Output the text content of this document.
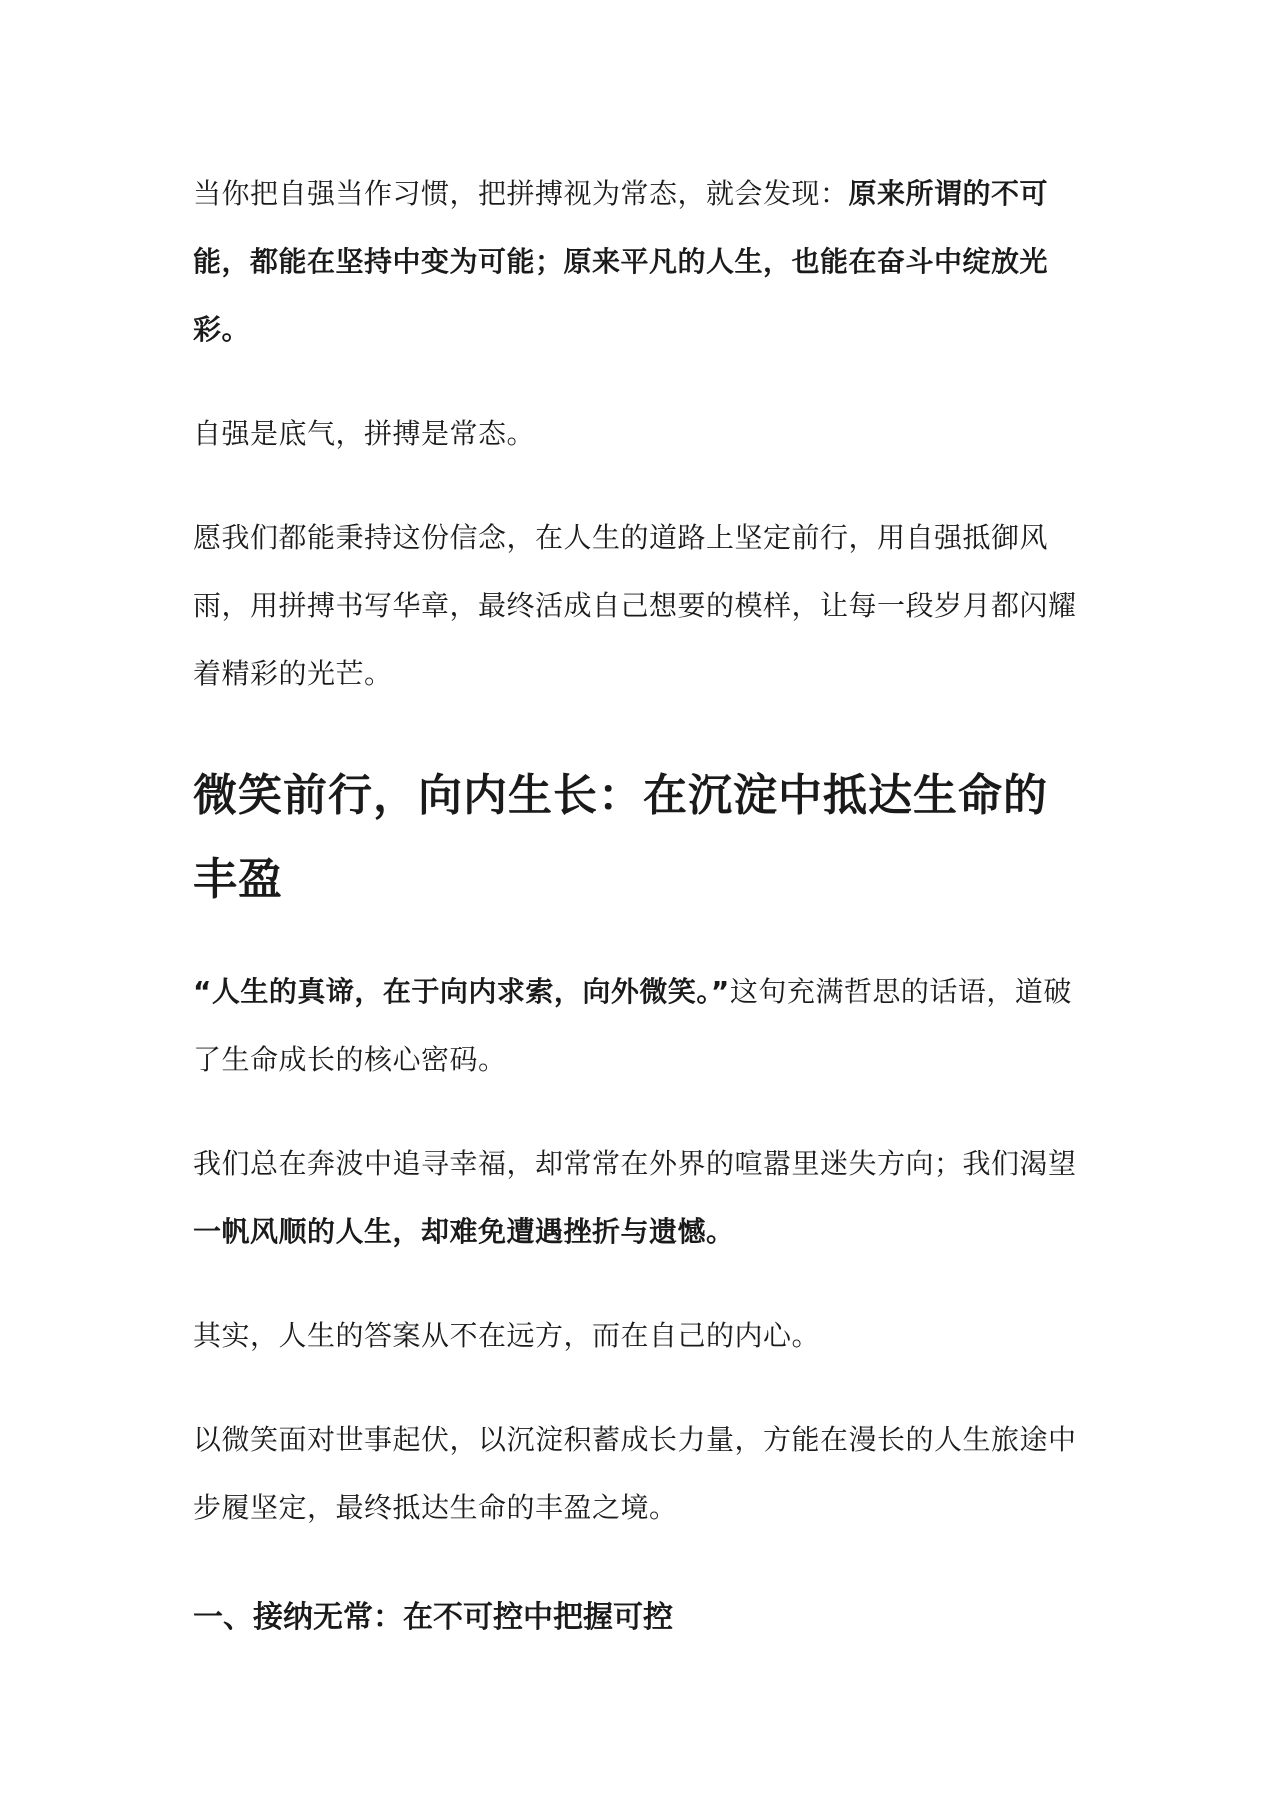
当你把自强当作习惯，把拼搏视为常态，就会发现：原来所谓的不可能，都能在坚持中变为可能；原来平凡的人生，也能在奋斗中绽放光彩。

自强是底气，拼搏是常态。

愿我们都能秉持这份信念，在人生的道路上坚定前行，用自强抵御风雨，用拼搏书写华章，最终活成自己想要的模样，让每一段岁月都闪耀着精彩的光芒。

微笑前行，向内生长：在沉淀中抵达生命的丰盈

“人生的真谛，在于向内求索，向外微笑。”这句充满哲思的话语，道破了生命成长的核心密码。

我们总在奔波中追寻幸福，却常常在外界的喧嚣里迷失方向；我们渴望一帆风顺的人生，却难免遭遇挫折与遗憾。

其实，人生的答案从不在远方，而在自己的内心。

以微笑面对世事起伏，以沉淀积蓄成长力量，方能在漫长的人生旅途中步履坚定，最终抵达生命的丰盈之境。

一、接纳无常：在不可控中把握可控
